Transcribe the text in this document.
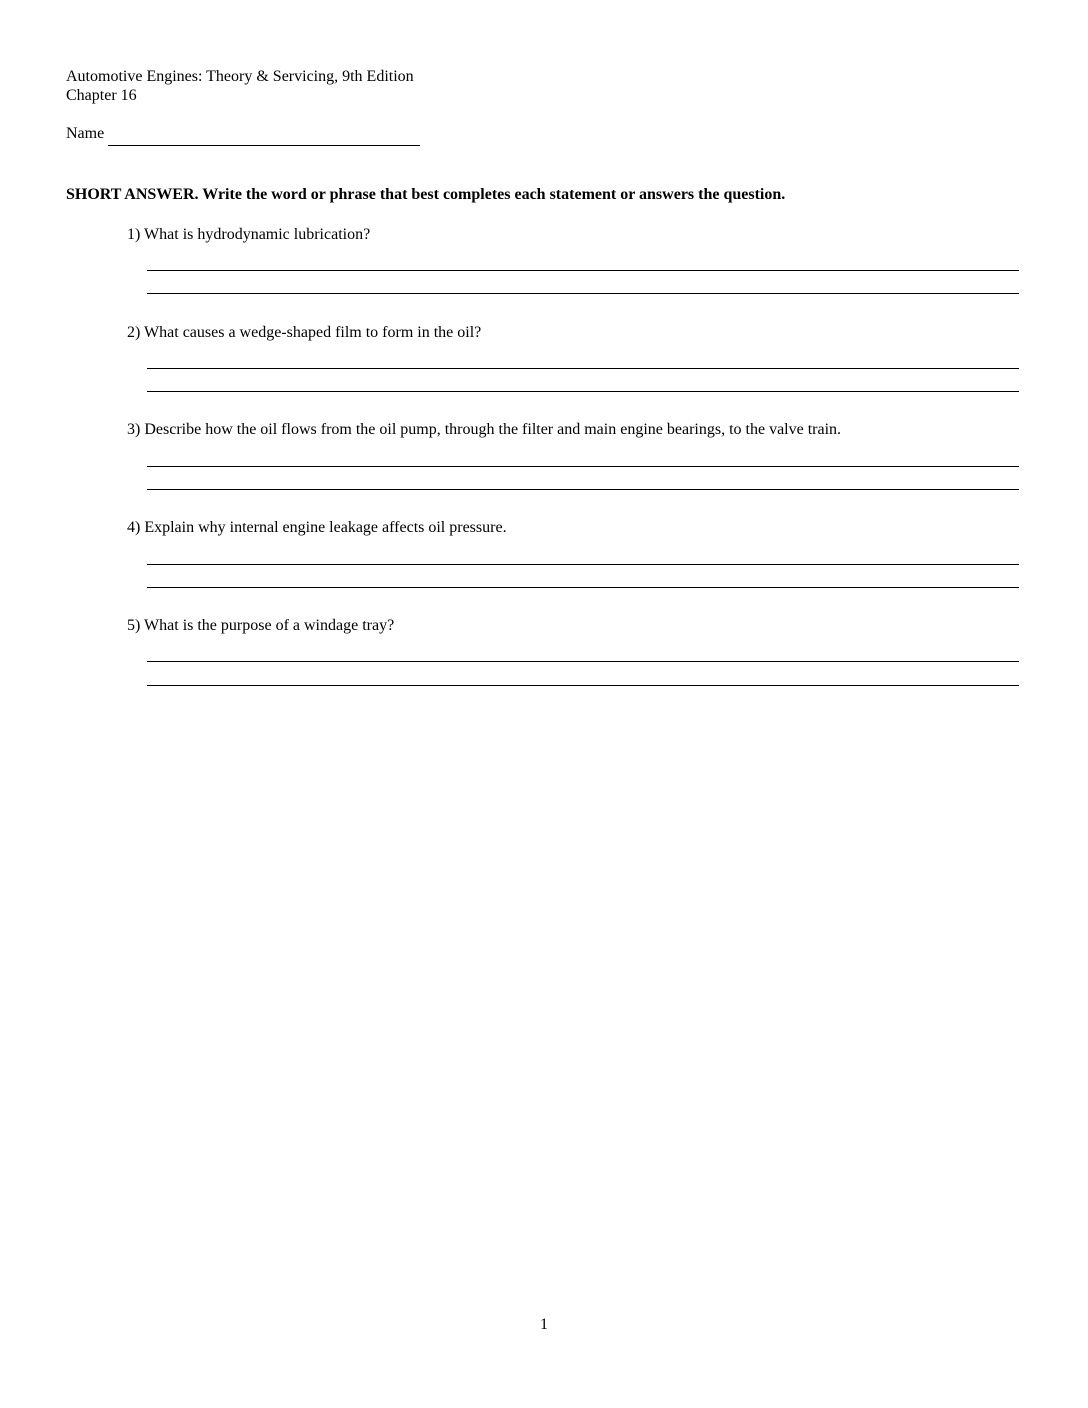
Automotive Engines: Theory & Servicing, 9th Edition
Chapter 16
Name
SHORT ANSWER. Write the word or phrase that best completes each statement or answers the question.
1) What is hydrodynamic lubrication?
2) What causes a wedge-shaped film to form in the oil?
3) Describe how the oil flows from the oil pump, through the filter and main engine bearings, to the valve train.
4) Explain why internal engine leakage affects oil pressure.
5) What is the purpose of a windage tray?
1
